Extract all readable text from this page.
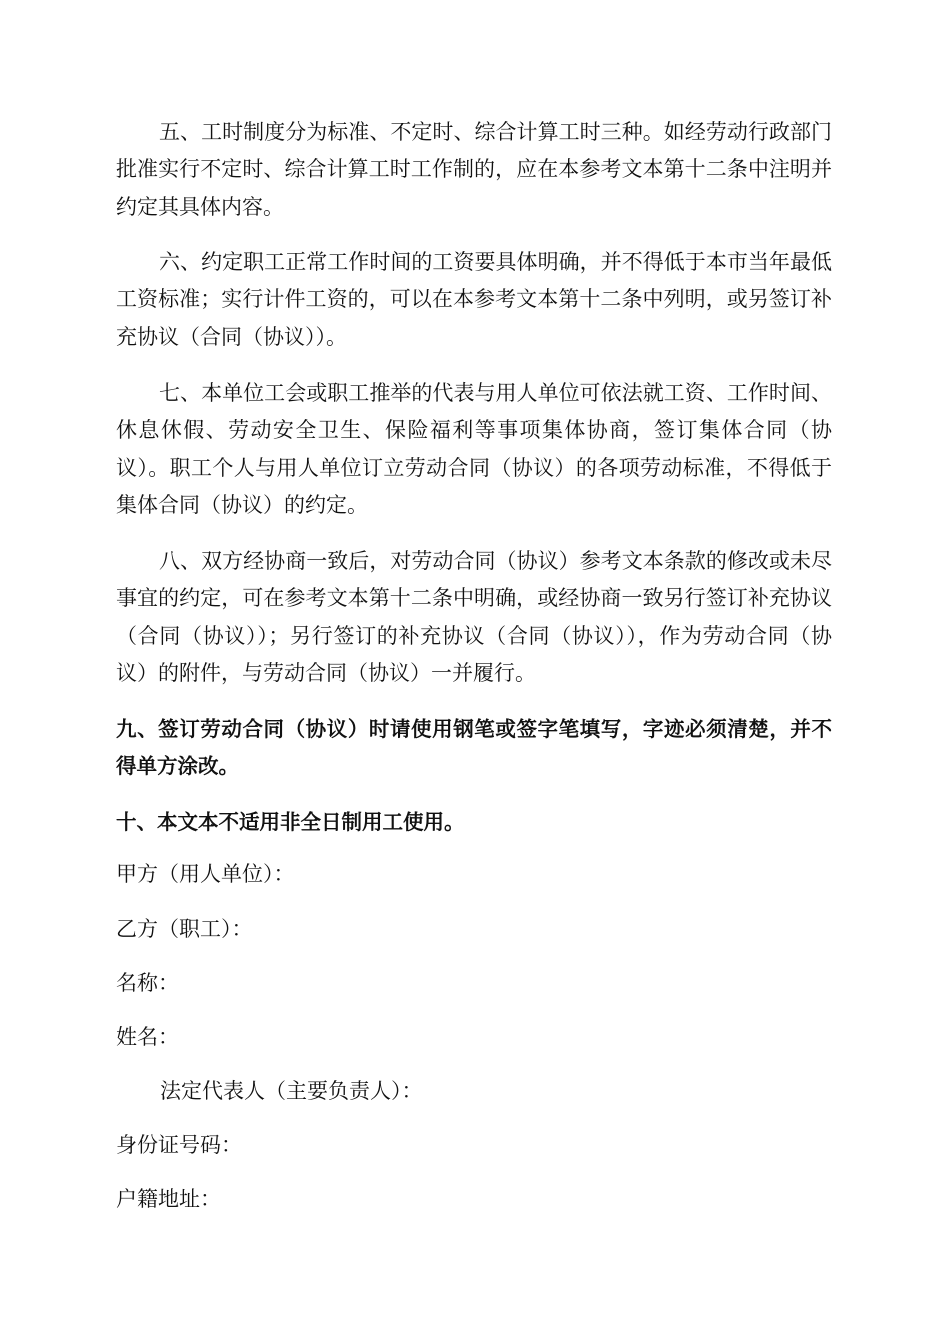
五、工时制度分为标准、不定时、综合计算工时三种。如经劳动行政部门批准实行不定时、综合计算工时工作制的，应在本参考文本第十二条中注明并约定其具体内容。
六、约定职工正常工作时间的工资要具体明确，并不得低于本市当年最低工资标准；实行计件工资的，可以在本参考文本第十二条中列明，或另签订补充协议（合同（协议））。
七、本单位工会或职工推举的代表与用人单位可依法就工资、工作时间、休息休假、劳动安全卫生、保险福利等事项集体协商，签订集体合同（协议）。职工个人与用人单位订立劳动合同（协议）的各项劳动标准，不得低于集体合同（协议）的约定。
八、双方经协商一致后，对劳动合同（协议）参考文本条款的修改或未尽事宜的约定，可在参考文本第十二条中明确，或经协商一致另行签订补充协议（合同（协议））；另行签订的补充协议（合同（协议）），作为劳动合同（协议）的附件，与劳动合同（协议）一并履行。
九、签订劳动合同（协议）时请使用钢笔或签字笔填写，字迹必须清楚，并不得单方涂改。
十、本文本不适用非全日制用工使用。
甲方（用人单位）：
乙方（职工）：
名称：
姓名：
法定代表人（主要负责人）：
身份证号码：
户籍地址：
